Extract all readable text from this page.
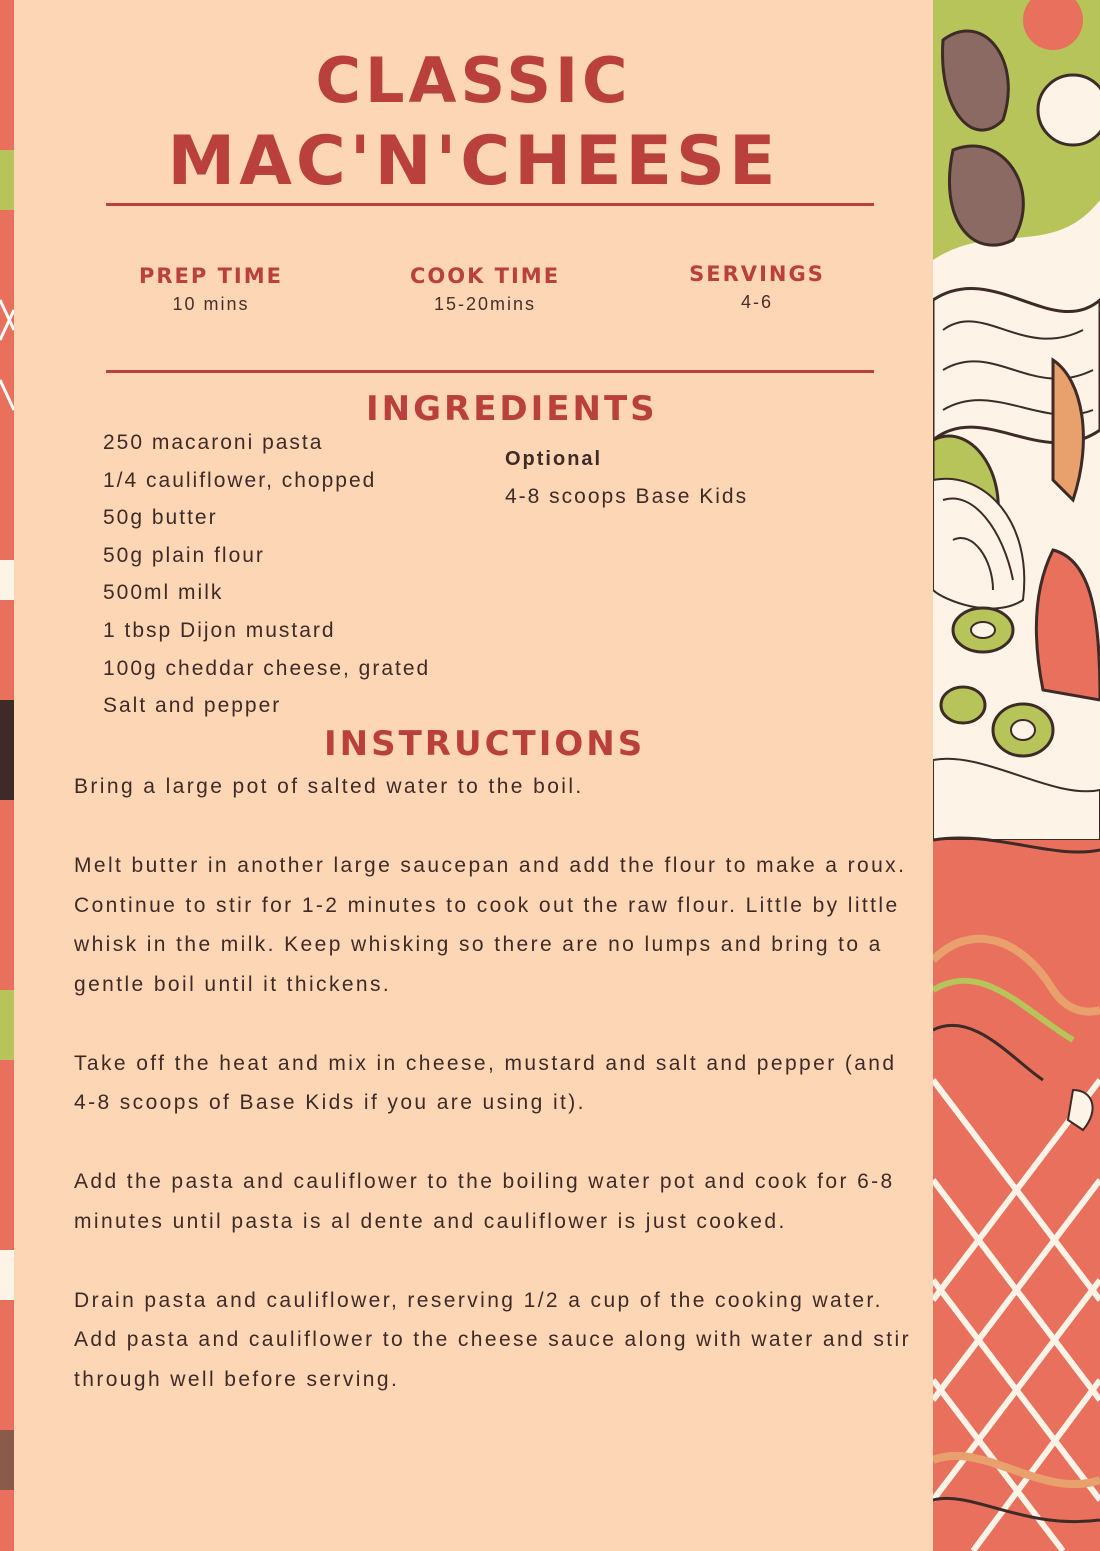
CLASSIC
MAC'N'CHEESE
PREP TIME
10 mins
COOK TIME
15-20mins
SERVINGS
4-6
INGREDIENTS
250 macaroni pasta
1/4 cauliflower, chopped
50g butter
50g plain flour
500ml milk
1 tbsp Dijon mustard
100g cheddar cheese, grated
Salt and pepper
Optional
4-8 scoops Base Kids
INSTRUCTIONS

Bring a large pot of salted water to the boil.

Melt butter in another large saucepan and add the flour to make a roux. Continue to stir for 1-2 minutes to cook out the raw flour. Little by little whisk in the milk. Keep whisking so there are no lumps and bring to a gentle boil until it thickens.

Take off the heat and mix in cheese, mustard and salt and pepper (and 4-8 scoops of Base Kids if you are using it).

Add the pasta and cauliflower to the boiling water pot and cook for 6-8 minutes until pasta is al dente and cauliflower is just cooked.

Drain pasta and cauliflower, reserving 1/2 a cup of the cooking water.

Add pasta and cauliflower to the cheese sauce along with water and stir through well before serving.
